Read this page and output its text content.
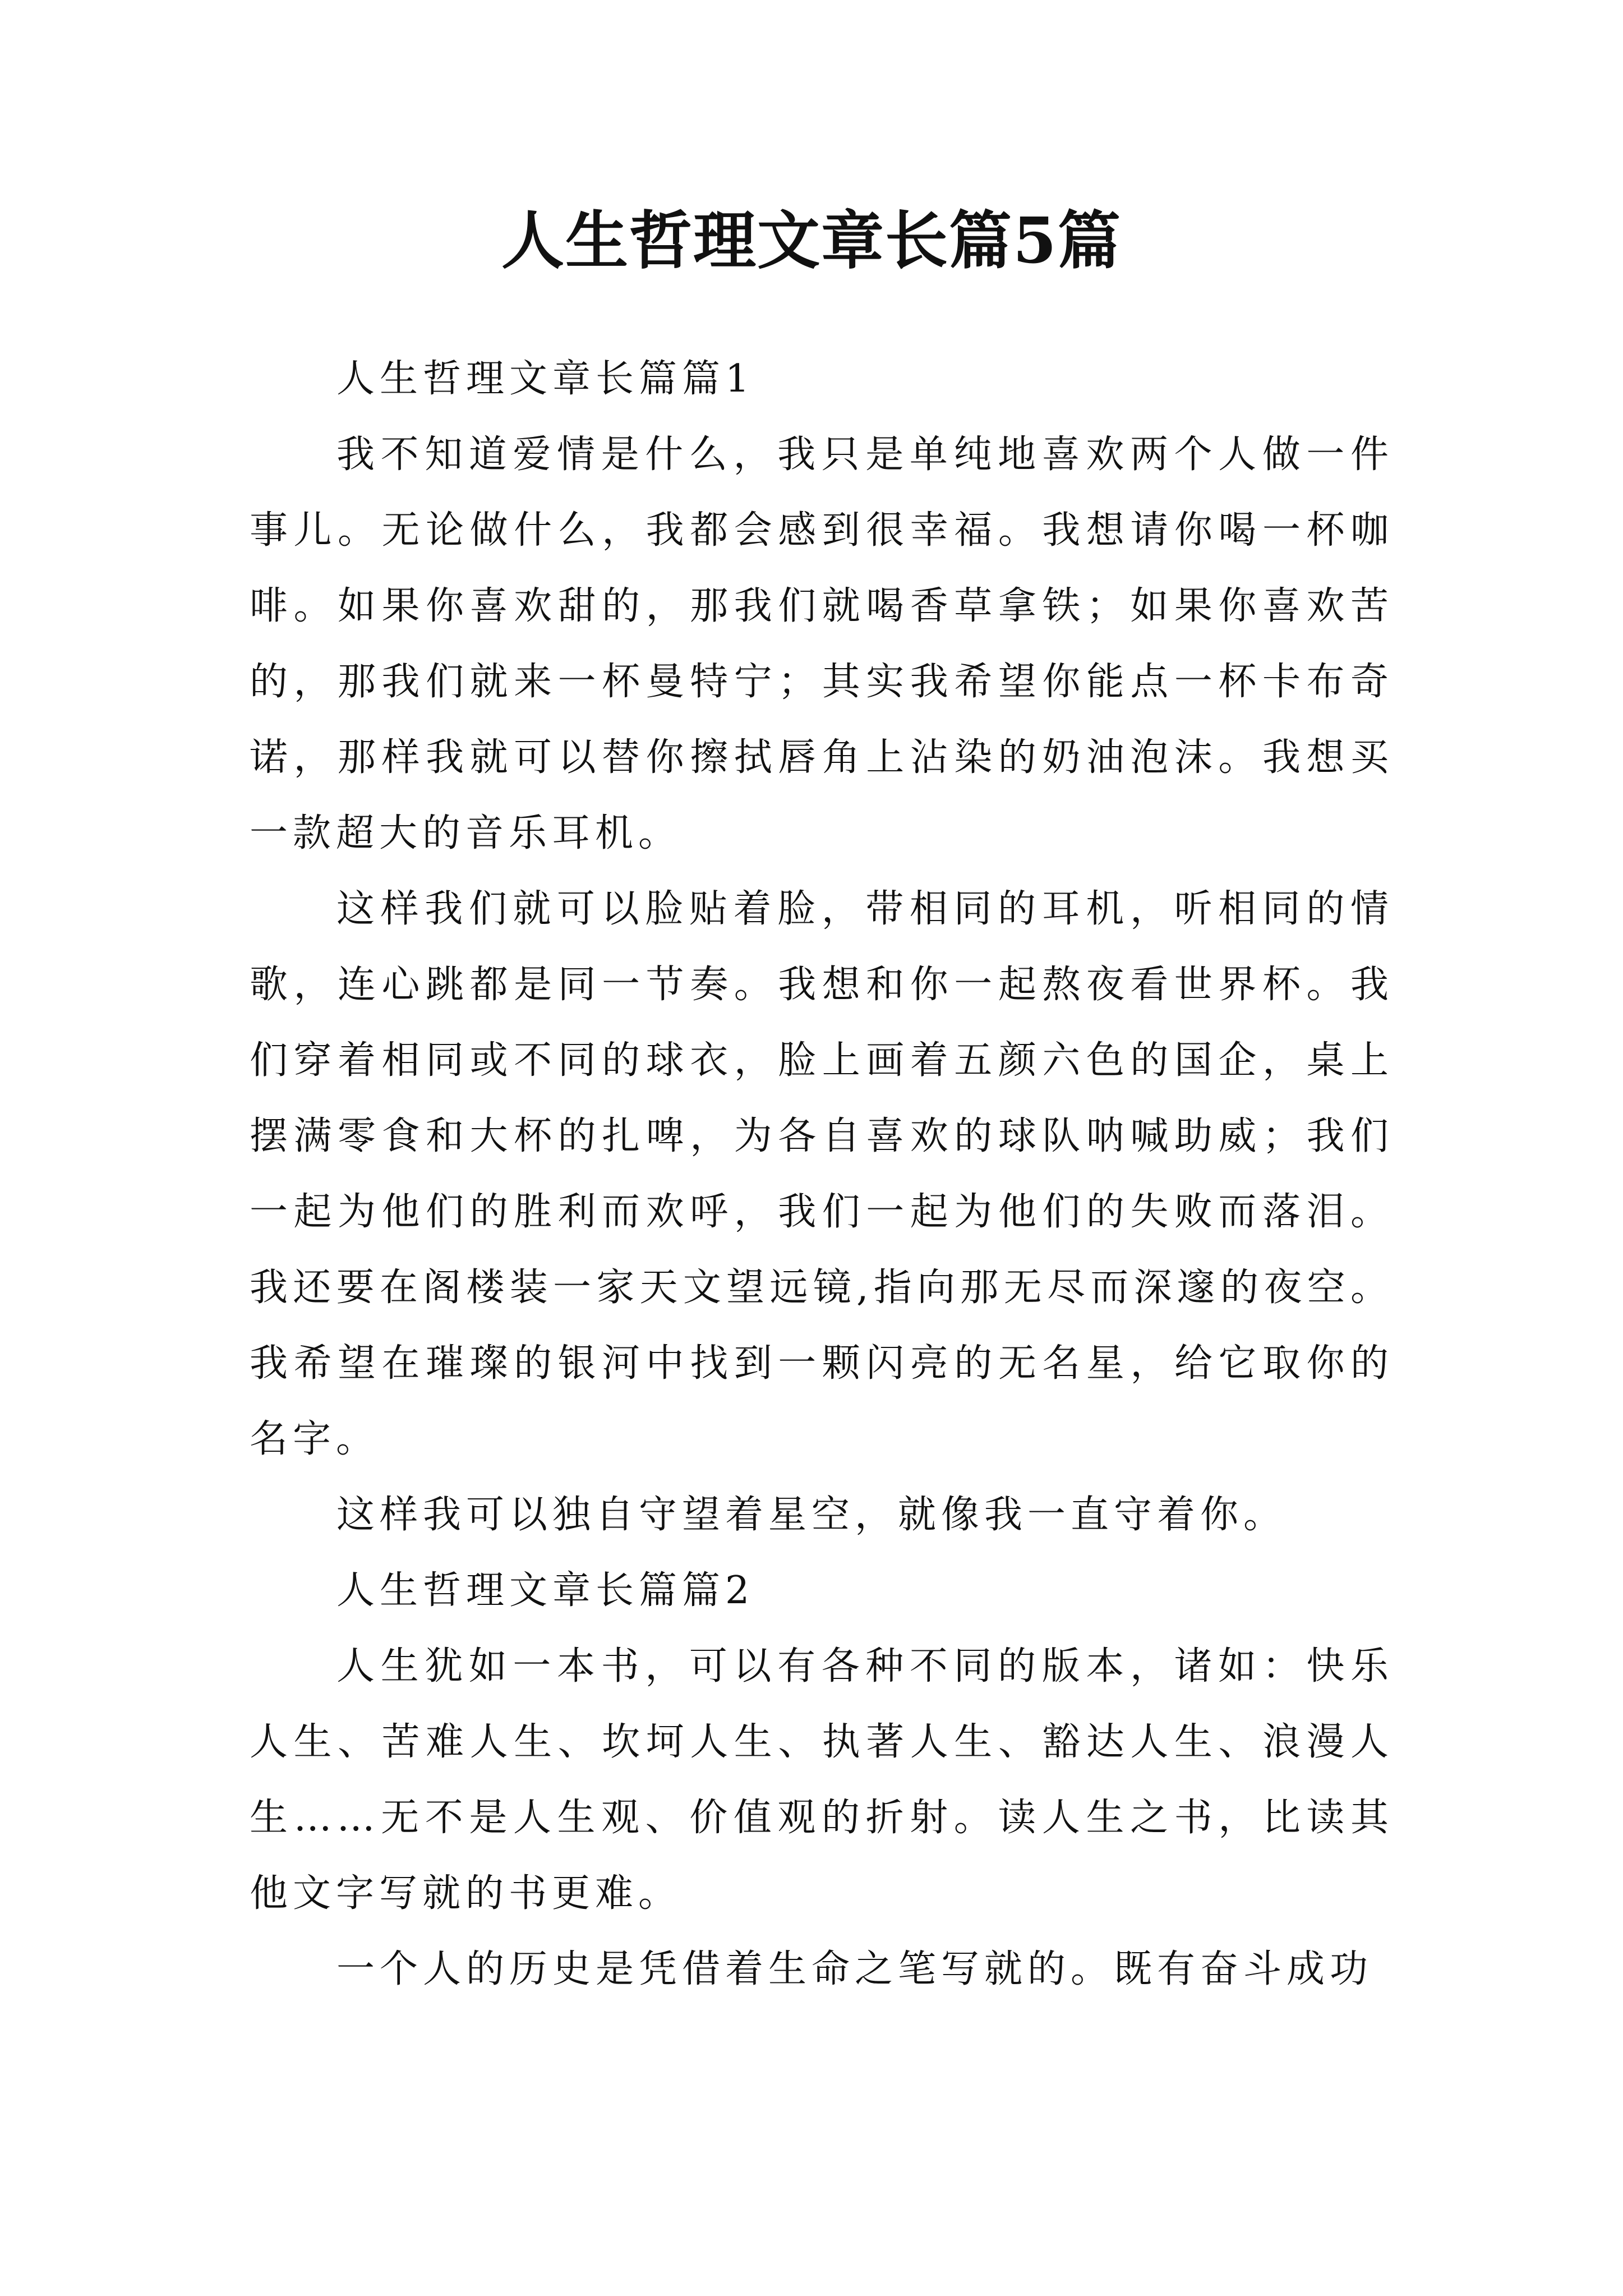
人生哲理文章长篇5篇

人生哲理文章长篇篇1

我不知道爱情是什么，我只是单纯地喜欢两个人做一件事儿。无论做什么，我都会感到很幸福。我想请你喝一杯咖啡。如果你喜欢甜的，那我们就喝香草拿铁；如果你喜欢苦的，那我们就来一杯曼特宁；其实我希望你能点一杯卡布奇诺，那样我就可以替你擦拭唇角上沾染的奶油泡沫。我想买一款超大的音乐耳机。

这样我们就可以脸贴着脸，带相同的耳机，听相同的情歌，连心跳都是同一节奏。我想和你一起熬夜看世界杯。我们穿着相同或不同的球衣，脸上画着五颜六色的国企，桌上摆满零食和大杯的扎啤，为各自喜欢的球队呐喊助威；我们一起为他们的胜利而欢呼，我们一起为他们的失败而落泪。我还要在阁楼装一家天文望远镜,指向那无尽而深邃的夜空。我希望在璀璨的银河中找到一颗闪亮的无名星，给它取你的名字。

这样我可以独自守望着星空，就像我一直守着你。

人生哲理文章长篇篇2

人生犹如一本书，可以有各种不同的版本，诸如：快乐人生、苦难人生、坎坷人生、执著人生、豁达人生、浪漫人生……无不是人生观、价值观的折射。读人生之书，比读其他文字写就的书更难。

一个人的历史是凭借着生命之笔写就的。既有奋斗成功
